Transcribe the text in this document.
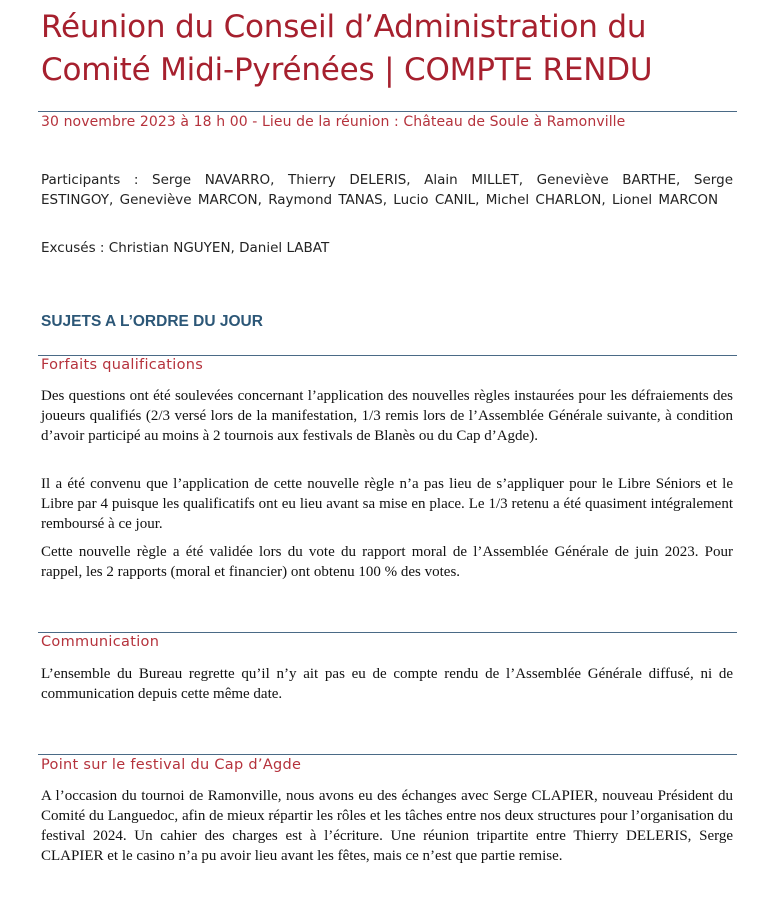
Réunion du Conseil d’Administration du
Comité Midi-Pyrénées | COMPTE RENDU
30 novembre 2023 à 18 h 00 - Lieu de la réunion : Château de Soule à Ramonville
Participants : Serge NAVARRO, Thierry DELERIS, Alain MILLET, Geneviève BARTHE, Serge ESTINGOY, Geneviève MARCON, Raymond TANAS, Lucio CANIL, Michel CHARLON, Lionel MARCON
Excusés : Christian NGUYEN, Daniel LABAT
SUJETS A L’ORDRE DU JOUR
Forfaits qualifications
Des questions ont été soulevées concernant l’application des nouvelles règles instaurées pour les défraiements des joueurs qualifiés (2/3 versé lors de la manifestation, 1/3 remis lors de l’Assemblée Générale suivante, à condition d’avoir participé au moins à 2 tournois aux festivals de Blanès ou du Cap d’Agde).
Il a été convenu que l’application de cette nouvelle règle n’a pas lieu de s’appliquer pour le Libre Séniors et le Libre par 4 puisque les qualificatifs ont eu lieu avant sa mise en place. Le 1/3 retenu a été quasiment intégralement remboursé à ce jour.
Cette nouvelle règle a été validée lors du vote du rapport moral de l’Assemblée Générale de juin 2023. Pour rappel, les 2 rapports (moral et financier) ont obtenu 100 % des votes.
Communication
L’ensemble du Bureau regrette qu’il n’y ait pas eu de compte rendu de l’Assemblée Générale diffusé, ni de communication depuis cette même date.
Point sur le festival du Cap d’Agde
A l’occasion du tournoi de Ramonville, nous avons eu des échanges avec Serge CLAPIER, nouveau Président du Comité du Languedoc, afin de mieux répartir les rôles et les tâches entre nos deux structures pour l’organisation du festival 2024. Un cahier des charges est à l’écriture. Une réunion tripartite entre Thierry DELERIS, Serge CLAPIER et le casino n’a pu avoir lieu avant les fêtes, mais ce n’est que partie remise.
